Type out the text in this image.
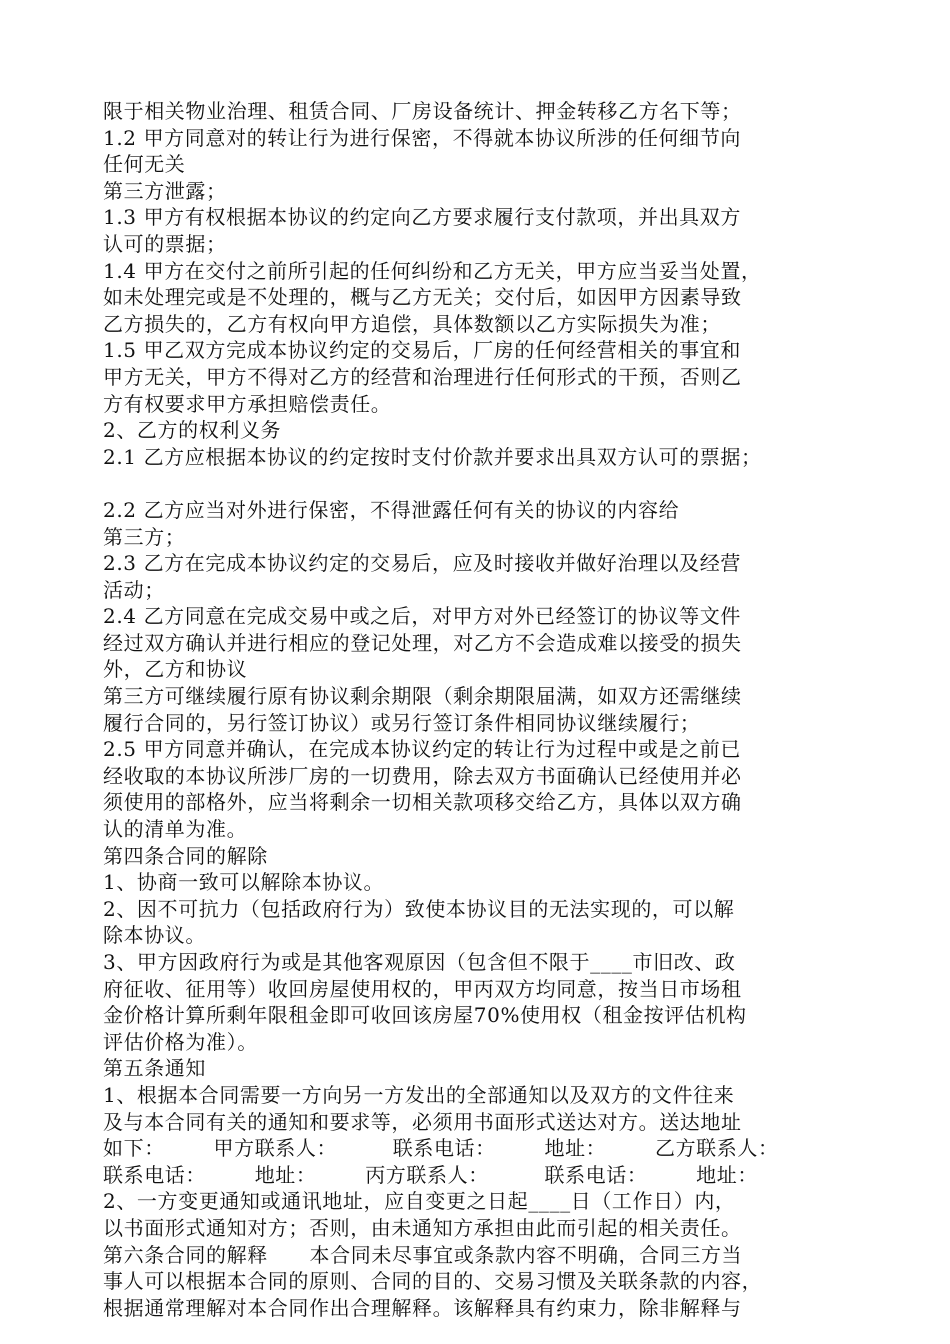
限于相关物业治理、租赁合同、厂房设备统计、押金转移乙方名下等；
1.2 甲方同意对的转让行为进行保密，不得就本协议所涉的任何细节向
任何无关
第三方泄露；
1.3 甲方有权根据本协议的约定向乙方要求履行支付款项，并出具双方
认可的票据；
1.4 甲方在交付之前所引起的任何纠纷和乙方无关，甲方应当妥当处置，
如未处理完或是不处理的，概与乙方无关；交付后，如因甲方因素导致
乙方损失的，乙方有权向甲方追偿，具体数额以乙方实际损失为准；
1.5 甲乙双方完成本协议约定的交易后，厂房的任何经营相关的事宜和
甲方无关，甲方不得对乙方的经营和治理进行任何形式的干预，否则乙
方有权要求甲方承担赔偿责任。
2、乙方的权利义务
2.1 乙方应根据本协议的约定按时支付价款并要求出具双方认可的票据；
2.2 乙方应当对外进行保密，不得泄露任何有关的协议的内容给
第三方；
2.3 乙方在完成本协议约定的交易后，应及时接收并做好治理以及经营
活动；
2.4 乙方同意在完成交易中或之后，对甲方对外已经签订的协议等文件
经过双方确认并进行相应的登记处理，对乙方不会造成难以接受的损失
外，乙方和协议
第三方可继续履行原有协议剩余期限（剩余期限届满，如双方还需继续
履行合同的，另行签订协议）或另行签订条件相同协议继续履行；
2.5 甲方同意并确认，在完成本协议约定的转让行为过程中或是之前已
经收取的本协议所涉厂房的一切费用，除去双方书面确认已经使用并必
须使用的部格外，应当将剩余一切相关款项移交给乙方，具体以双方确
认的清单为准。
第四条合同的解除
1、协商一致可以解除本协议。
2、因不可抗力（包括政府行为）致使本协议目的无法实现的，可以解
除本协议。
3、甲方因政府行为或是其他客观原因（包含但不限于____市旧改、政
府征收、征用等）收回房屋使用权的，甲丙双方均同意，按当日市场租
金价格计算所剩年限租金即可收回该房屋70%使用权（租金按评估机构
评估价格为准）。
第五条通知
1、根据本合同需要一方向另一方发出的全部通知以及双方的文件往来
及与本合同有关的通知和要求等，必须用书面形式送达对方。送达地址
如下：       甲方联系人：        联系电话：       地址：       乙方联系人：
联系电话：       地址：       丙方联系人：        联系电话：       地址：
2、一方变更通知或通讯地址，应自变更之日起____日（工作日）内，
以书面形式通知对方；否则，由未通知方承担由此而引起的相关责任。
第六条合同的解释      本合同未尽事宜或条款内容不明确，合同三方当
事人可以根据本合同的原则、合同的目的、交易习惯及关联条款的内容，
根据通常理解对本合同作出合理解释。该解释具有约束力，除非解释与
